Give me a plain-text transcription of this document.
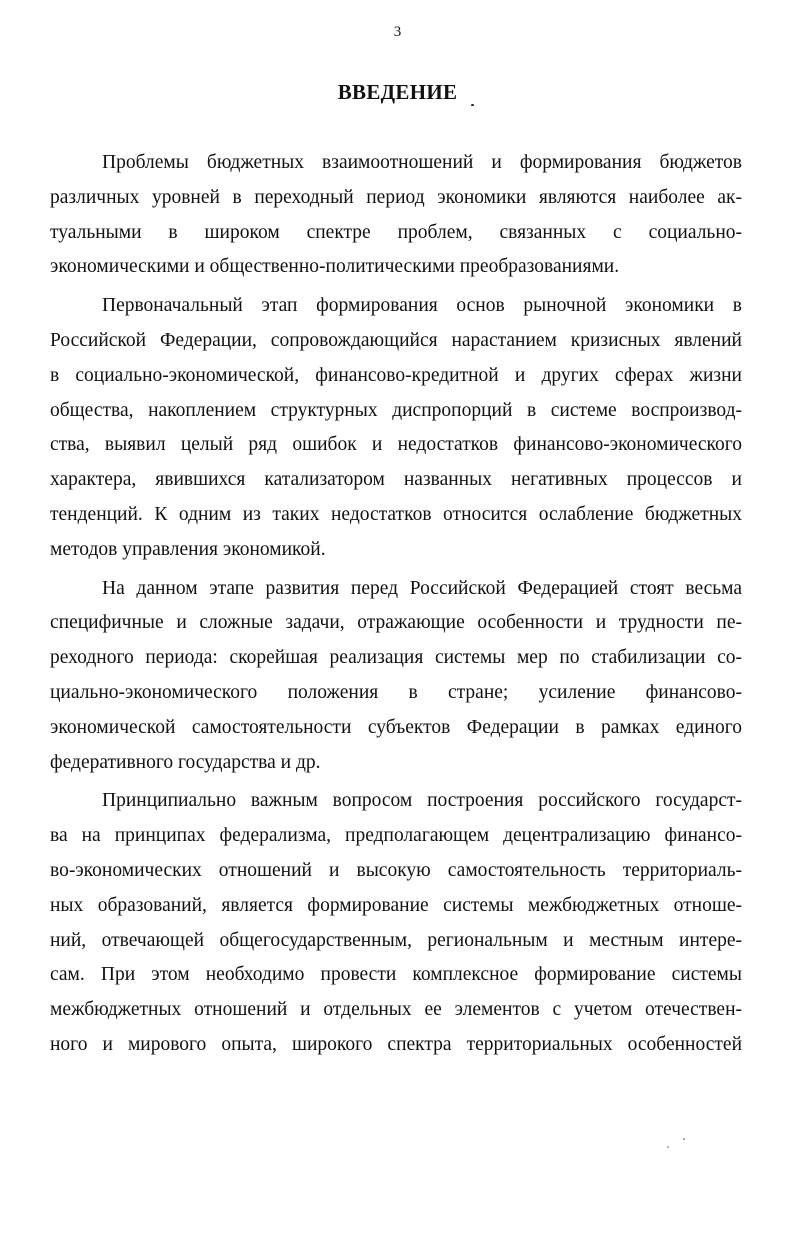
3
ВВЕДЕНИЕ
Проблемы бюджетных взаимоотношений и формирования бюджетов
различных уровней в переходный период экономики являются наиболее ак-
туальными в широком спектре проблем, связанных с социально-
экономическими и общественно-политическими преобразованиями.
Первоначальный этап формирования основ рыночной экономики в
Российской Федерации, сопровождающийся нарастанием кризисных явлений
в социально-экономической, финансово-кредитной и других сферах жизни
общества, накоплением структурных диспропорций в системе воспроизвод-
ства, выявил целый ряд ошибок и недостатков финансово-экономического
характера, явившихся катализатором названных негативных процессов и
тенденций. К одним из таких недостатков относится ослабление бюджетных
методов управления экономикой.
На данном этапе развития перед Российской Федерацией стоят весьма
специфичные и сложные задачи, отражающие особенности и трудности пе-
реходного периода: скорейшая реализация системы мер по стабилизации со-
циально-экономического положения в стране; усиление финансово-
экономической самостоятельности субъектов Федерации в рамках единого
федеративного государства и др.
Принципиально важным вопросом построения российского государст-
ва на принципах федерализма, предполагающем децентрализацию финансо-
во-экономических отношений и высокую самостоятельность территориаль-
ных образований, является формирование системы межбюджетных отноше-
ний, отвечающей общегосударственным, региональным и местным интере-
сам. При этом необходимо провести комплексное формирование системы
межбюджетных отношений и отдельных ее элементов с учетом отечествен-
ного и мирового опыта, широкого спектра территориальных особенностей
